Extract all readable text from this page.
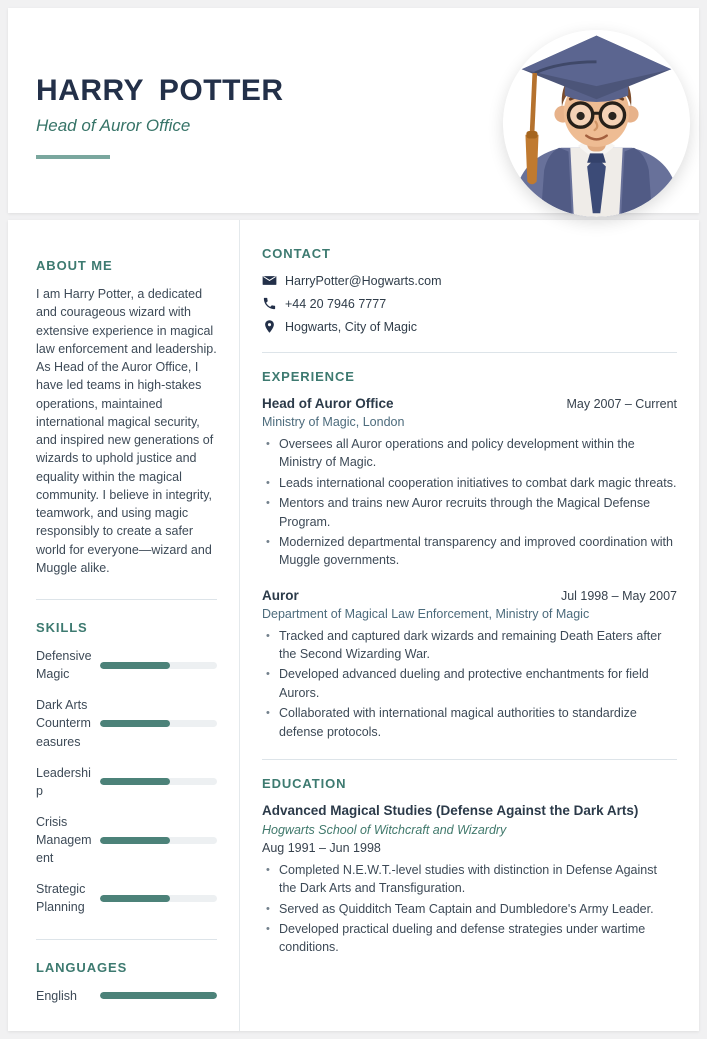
HARRY POTTER
Head of Auror Office
ABOUT ME

I am Harry Potter, a dedicated and courageous wizard with extensive experience in magical law enforcement and leadership. As Head of the Auror Office, I have led teams in high-stakes operations, maintained international magical security, and inspired new generations of wizards to uphold justice and equality within the magical community. I believe in integrity, teamwork, and using magic responsibly to create a safer world for everyone—wizard and Muggle alike.

SKILLS
Defensive Magic
Dark Arts Countermeasures
Leadership
Crisis Management
Strategic Planning
LANGUAGES
English
CONTACT
HarryPotter@Hogwarts.com
+44 20 7946 7777
Hogwarts, City of Magic
EXPERIENCE
Head of Auror Office	May 2007 – Current
Ministry of Magic, London
• Oversees all Auror operations and policy development within the Ministry of Magic.
• Leads international cooperation initiatives to combat dark magic threats.
• Mentors and trains new Auror recruits through the Magical Defense Program.
• Modernized departmental transparency and improved coordination with Muggle governments.
Auror	Jul 1998 – May 2007
Department of Magical Law Enforcement, Ministry of Magic
• Tracked and captured dark wizards and remaining Death Eaters after the Second Wizarding War.
• Developed advanced dueling and protective enchantments for field Aurors.
• Collaborated with international magical authorities to standardize defense protocols.
EDUCATION
Advanced Magical Studies (Defense Against the Dark Arts)
Hogwarts School of Witchcraft and Wizardry
Aug 1991 – Jun 1998
• Completed N.E.W.T.-level studies with distinction in Defense Against the Dark Arts and Transfiguration.
• Served as Quidditch Team Captain and Dumbledore's Army Leader.
• Developed practical dueling and defense strategies under wartime conditions.
